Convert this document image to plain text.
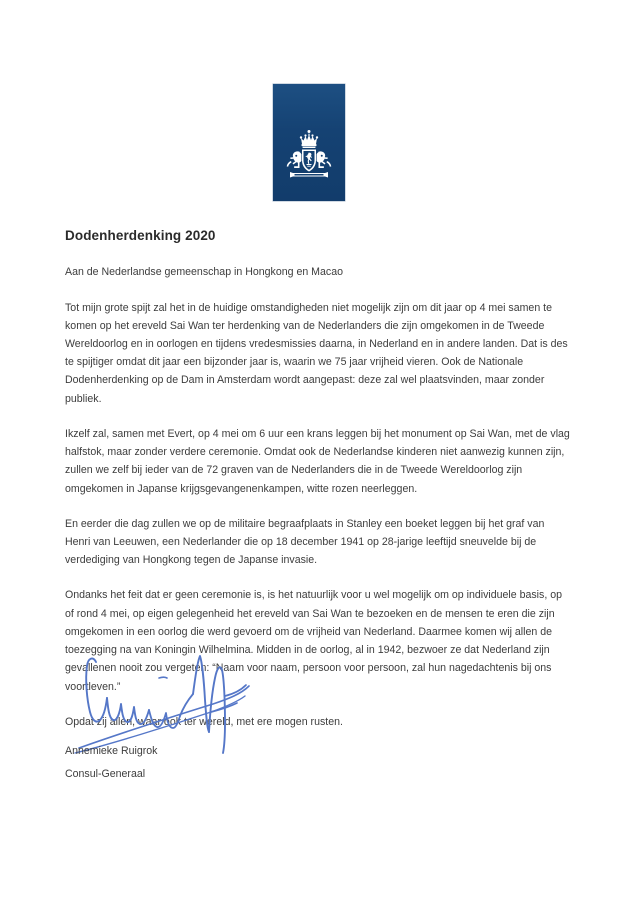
Dodenherdenking 2020

Aan de Nederlandse gemeenschap in Hongkong en Macao

Tot mijn grote spijt zal het in de huidige omstandigheden niet mogelijk zijn om dit jaar op 4 mei samen te komen op het ereveld Sai Wan ter herdenking van de Nederlanders die zijn omgekomen in de Tweede Wereldoorlog en in oorlogen en tijdens vredesmissies daarna, in Nederland en in andere landen. Dat is des te spijtiger omdat dit jaar een bijzonder jaar is, waarin we 75 jaar vrijheid vieren. Ook de Nationale Dodenherdenking op de Dam in Amsterdam wordt aangepast: deze zal wel plaatsvinden, maar zonder publiek.

Ikzelf zal, samen met Evert, op 4 mei om 6 uur een krans leggen bij het monument op Sai Wan, met de vlag halfstok, maar zonder verdere ceremonie. Omdat ook de Nederlandse kinderen niet aanwezig kunnen zijn, zullen we zelf bij ieder van de 72 graven van de Nederlanders die in de Tweede Wereldoorlog zijn omgekomen in Japanse krijgsgevangenenkampen, witte rozen neerleggen.

En eerder die dag zullen we op de militaire begraafplaats in Stanley een boeket leggen bij het graf van Henri van Leeuwen, een Nederlander die op 18 december 1941 op 28-jarige leeftijd sneuvelde bij de verdediging van Hongkong tegen de Japanse invasie.

Ondanks het feit dat er geen ceremonie is, is het natuurlijk voor u wel mogelijk om op individuele basis, op of rond 4 mei, op eigen gelegenheid het ereveld van Sai Wan te bezoeken en de mensen te eren die zijn omgekomen in een oorlog die werd gevoerd om de vrijheid van Nederland. Daarmee komen wij allen de toezegging na van Koningin Wilhelmina. Midden in de oorlog, al in 1942, bezwoer ze dat Nederland zijn gevallenen nooit zou vergeten: “Naam voor naam, persoon voor persoon, zal hun nagedachtenis bij ons voortleven.”

Opdat zij allen, waar ook ter wereld, met ere mogen rusten.

Annemieke Ruigrok
Consul-Generaal
